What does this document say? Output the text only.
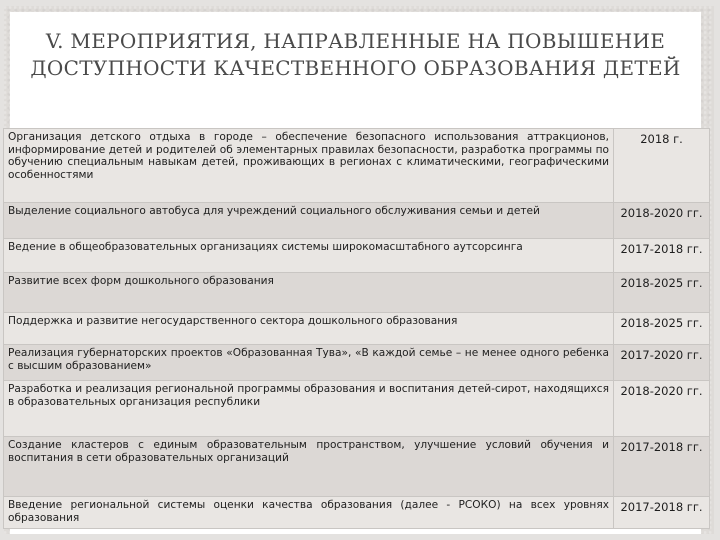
V. МЕРОПРИЯТИЯ, НАПРАВЛЕННЫЕ НА ПОВЫШЕНИЕ ДОСТУПНОСТИ КАЧЕСТВЕННОГО ОБРАЗОВАНИЯ ДЕТЕЙ
Организация детского отдыха в городе – обеспечение безопасного использования аттракционов, информирование детей и родителей об элементарных правилах безопасности, разработка программы по обучению специальным навыкам детей, проживающих в регионах с климатическими, географическими особенностями	2018 г.
Выделение социального автобуса для учреждений социального обслуживания семьи и детей	2018-2020 гг.
Ведение в общеобразовательных организациях системы широкомасштабного аутсорсинга	2017-2018 гг.
Развитие всех форм дошкольного образования	2018-2025 гг.
Поддержка и развитие негосударственного сектора дошкольного образования	2018-2025 гг.
Реализация губернаторских проектов «Образованная Тува», «В каждой семье – не менее одного ребенка с высшим образованием»	2017-2020 гг.
Разработка и реализация региональной программы образования и воспитания детей-сирот, находящихся в образовательных организация республики	2018-2020 гг.
Создание кластеров с единым образовательным пространством, улучшение условий обучения и воспитания в сети образовательных организаций	2017-2018 гг.
Введение региональной системы оценки качества образования (далее - РСОКО) на всех уровнях образования	2017-2018 гг.
